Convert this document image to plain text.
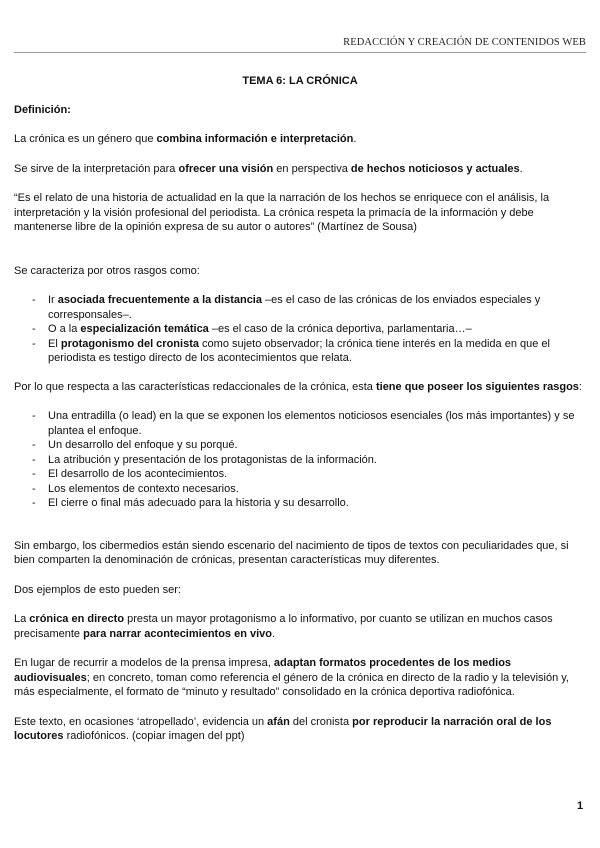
REDACCIÓN Y CREACIÓN DE CONTENIDOS WEB
TEMA 6: LA CRÓNICA
Definición:

La crónica es un género que combina información e interpretación.

Se sirve de la interpretación para ofrecer una visión en perspectiva de hechos noticiosos y actuales.

“Es el relato de una historia de actualidad en la que la narración de los hechos se enriquece con el análisis, la interpretación y la visión profesional del periodista. La crónica respeta la primacía de la información y debe mantenerse libre de la opinión expresa de su autor o autores” (Martínez de Sousa)

Se caracteriza por otros rasgos como:

- Ir asociada frecuentemente a la distancia –es el caso de las crónicas de los enviados especiales y corresponsales–.
- O a la especialización temática –es el caso de la crónica deportiva, parlamentaria…–
- El protagonismo del cronista como sujeto observador; la crónica tiene interés en la medida en que el periodista es testigo directo de los acontecimientos que relata.

Por lo que respecta a las características redaccionales de la crónica, esta tiene que poseer los siguientes rasgos:

- Una entradilla (o lead) en la que se exponen los elementos noticiosos esenciales (los más importantes) y se plantea el enfoque.
- Un desarrollo del enfoque y su porqué.
- La atribución y presentación de los protagonistas de la información.
- El desarrollo de los acontecimientos.
- Los elementos de contexto necesarios.
- El cierre o final más adecuado para la historia y su desarrollo.

Sin embargo, los cibermedios están siendo escenario del nacimiento de tipos de textos con peculiaridades que, si bien comparten la denominación de crónicas, presentan características muy diferentes.

Dos ejemplos de esto pueden ser:

La crónica en directo presta un mayor protagonismo a lo informativo, por cuanto se utilizan en muchos casos precisamente para narrar acontecimientos en vivo.

En lugar de recurrir a modelos de la prensa impresa, adaptan formatos procedentes de los medios audiovisuales; en concreto, toman como referencia el género de la crónica en directo de la radio y la televisión y, más especialmente, el formato de “minuto y resultado” consolidado en la crónica deportiva radiofónica.

Este texto, en ocasiones ‘atropellado’, evidencia un afán del cronista por reproducir la narración oral de los locutores radiofónicos. (copiar imagen del ppt)

1
